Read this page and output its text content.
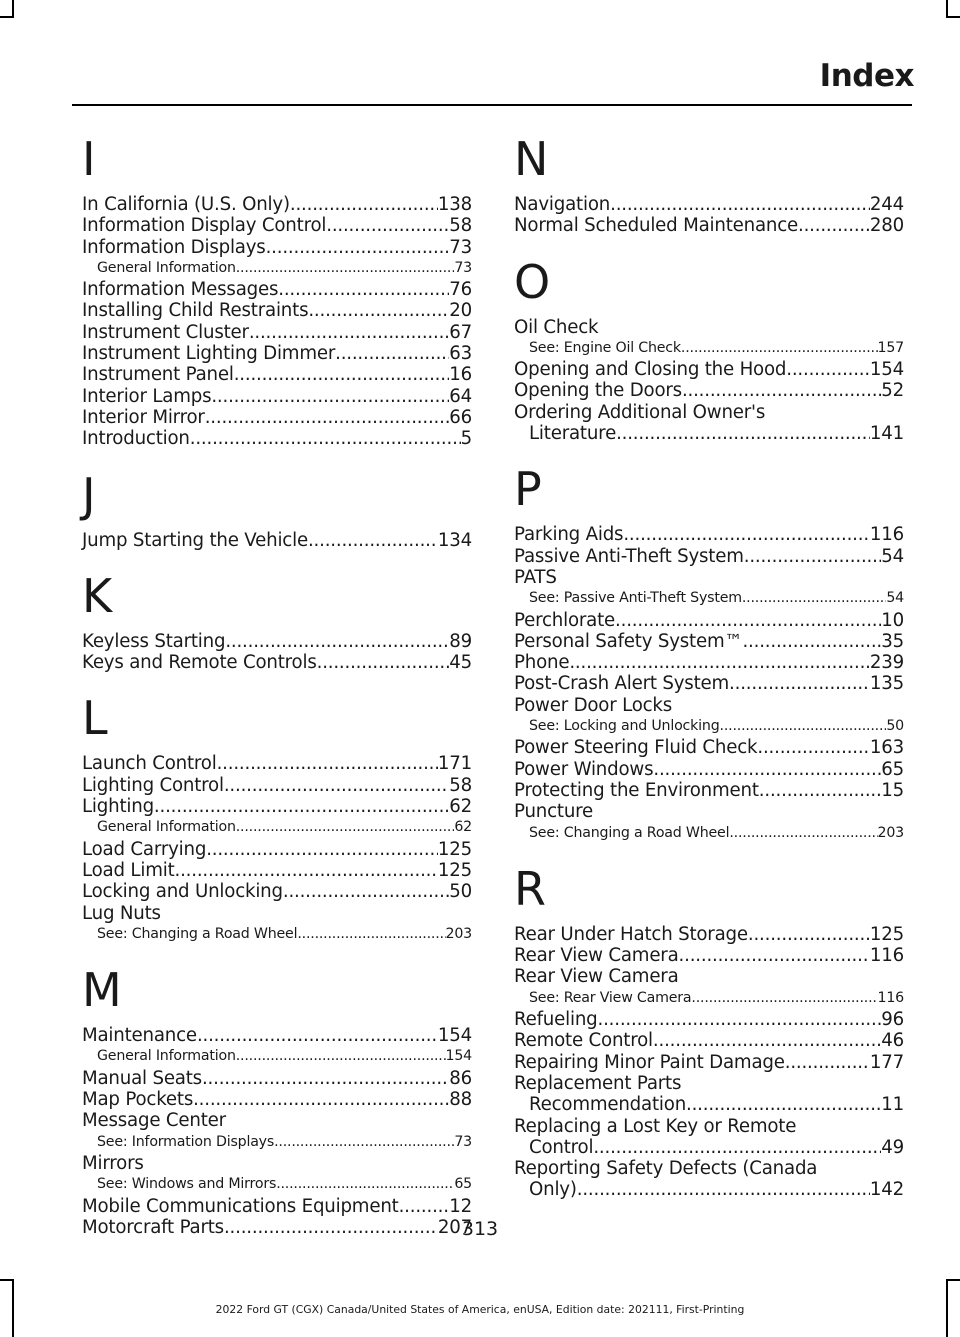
Index
I
In California (U.S. Only) .....	138
Information Display Control .....	58
Information Displays .....	73
General Information .....	73
Information Messages .....	76
Installing Child Restraints .....	20
Instrument Cluster .....	67
Instrument Lighting Dimmer .....	63
Instrument Panel .....	16
Interior Lamps .....	64
Interior Mirror .....	66
Introduction .....	5
J
Jump Starting the Vehicle .....	134
K
Keyless Starting .....	89
Keys and Remote Controls .....	45
L
Launch Control .....	171
Lighting Control .....	58
Lighting .....	62
General Information .....	62
Load Carrying .....	125
Load Limit .....	125
Locking and Unlocking .....	50
Lug Nuts
See: Changing a Road Wheel .....	203
M
Maintenance .....	154
General Information .....	154
Manual Seats .....	86
Map Pockets .....	88
Message Center
See: Information Displays .....	73
Mirrors
See: Windows and Mirrors .....	65
Mobile Communications Equipment .....	12
Motorcraft Parts .....	207
N
Navigation .....	244
Normal Scheduled Maintenance .....	280
O
Oil Check
See: Engine Oil Check .....	157
Opening and Closing the Hood .....	154
Opening the Doors .....	52
Ordering Additional Owner's
Literature .....	141
P
Parking Aids .....	116
Passive Anti-Theft System .....	54
PATS
See: Passive Anti-Theft System .....	54
Perchlorate .....	10
Personal Safety System™ .....	35
Phone .....	239
Post-Crash Alert System .....	135
Power Door Locks
See: Locking and Unlocking .....	50
Power Steering Fluid Check .....	163
Power Windows .....	65
Protecting the Environment .....	15
Puncture
See: Changing a Road Wheel .....	203
R
Rear Under Hatch Storage .....	125
Rear View Camera .....	116
Rear View Camera
See: Rear View Camera .....	116
Refueling .....	96
Remote Control .....	46
Repairing Minor Paint Damage .....	177
Replacement Parts
Recommendation .....	11
Replacing a Lost Key or Remote
Control .....	49
Reporting Safety Defects (Canada
Only) .....	142

313

2022 Ford GT (CGX) Canada/United States of America, enUSA, Edition date: 202111, First-Printing
